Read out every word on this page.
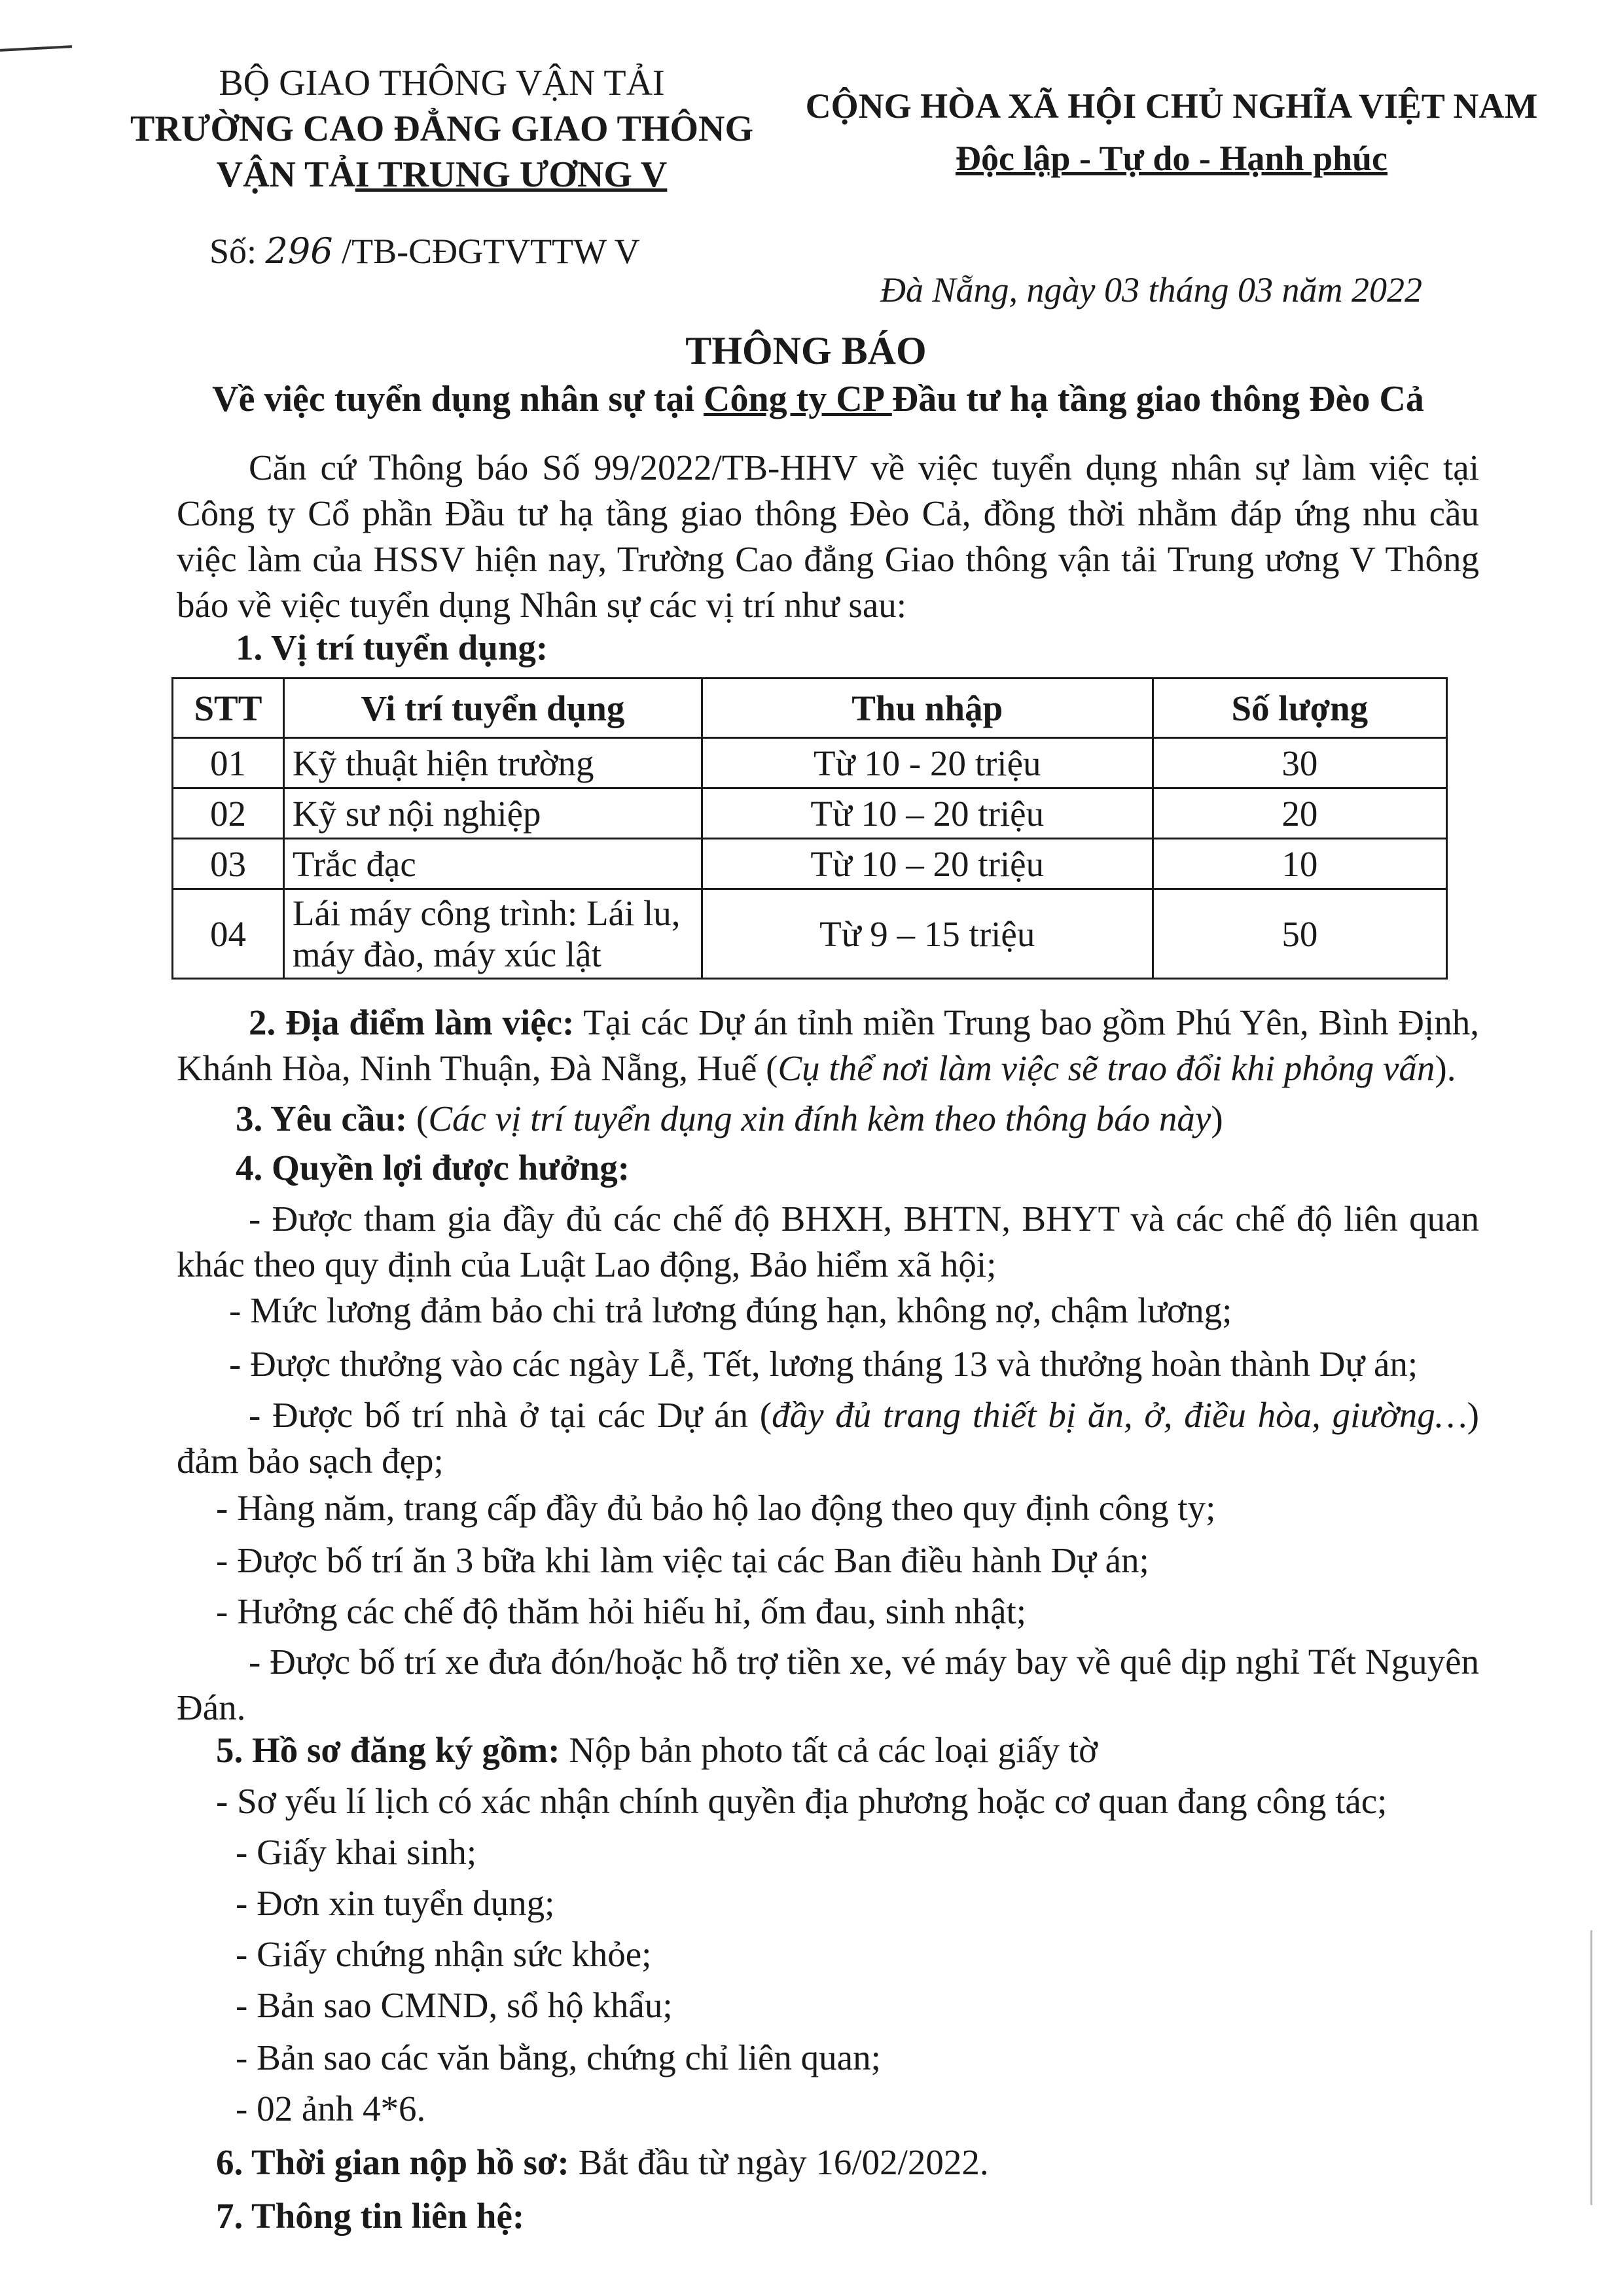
BỘ GIAO THÔNG VẬN TẢI
TRƯỜNG CAO ĐẲNG GIAO THÔNG
VẬN TẢI TRUNG ƯƠNG V
CỘNG HÒA XÃ HỘI CHỦ NGHĨA VIỆT NAM
Độc lập - Tự do - Hạnh phúc
Số: 296 /TB-CĐGTVTTW V
Đà Nẵng, ngày 03 tháng 03 năm 2022
THÔNG BÁO
Về việc tuyển dụng nhân sự tại Công ty CP Đầu tư hạ tầng giao thông Đèo Cả
Căn cứ Thông báo Số 99/2022/TB-HHV về việc tuyển dụng nhân sự làm việc tại Công ty Cổ phần Đầu tư hạ tầng giao thông Đèo Cả, đồng thời nhằm đáp ứng nhu cầu việc làm của HSSV hiện nay, Trường Cao đẳng Giao thông vận tải Trung ương V Thông báo về việc tuyển dụng Nhân sự các vị trí như sau:
1. Vị trí tuyển dụng:
STT	Vi trí tuyển dụng	Thu nhập	Số lượng
01	Kỹ thuật hiện trường	Từ 10 - 20 triệu	30
02	Kỹ sư nội nghiệp	Từ 10 – 20 triệu	20
03	Trắc đạc	Từ 10 – 20 triệu	10
04	Lái máy công trình: Lái lu, máy đào, máy xúc lật	Từ 9 – 15 triệu	50
2. Địa điểm làm việc: Tại các Dự án tỉnh miền Trung bao gồm Phú Yên, Bình Định, Khánh Hòa, Ninh Thuận, Đà Nẵng, Huế (Cụ thể nơi làm việc sẽ trao đổi khi phỏng vấn).
3. Yêu cầu: (Các vị trí tuyển dụng xin đính kèm theo thông báo này)
4. Quyền lợi được hưởng:
- Được tham gia đầy đủ các chế độ BHXH, BHTN, BHYT và các chế độ liên quan khác theo quy định của Luật Lao động, Bảo hiểm xã hội;
- Mức lương đảm bảo chi trả lương đúng hạn, không nợ, chậm lương;
- Được thưởng vào các ngày Lễ, Tết, lương tháng 13 và thưởng hoàn thành Dự án;
- Được bố trí nhà ở tại các Dự án (đầy đủ trang thiết bị ăn, ở, điều hòa, giường…) đảm bảo sạch đẹp;
- Hàng năm, trang cấp đầy đủ bảo hộ lao động theo quy định công ty;
- Được bố trí ăn 3 bữa khi làm việc tại các Ban điều hành Dự án;
- Hưởng các chế độ thăm hỏi hiếu hỉ, ốm đau, sinh nhật;
- Được bố trí xe đưa đón/hoặc hỗ trợ tiền xe, vé máy bay về quê dịp nghỉ Tết Nguyên Đán.
5. Hồ sơ đăng ký gồm: Nộp bản photo tất cả các loại giấy tờ
- Sơ yếu lí lịch có xác nhận chính quyền địa phương hoặc cơ quan đang công tác;
- Giấy khai sinh;
- Đơn xin tuyển dụng;
- Giấy chứng nhận sức khỏe;
- Bản sao CMND, sổ hộ khẩu;
- Bản sao các văn bằng, chứng chỉ liên quan;
- 02 ảnh 4*6.
6. Thời gian nộp hồ sơ: Bắt đầu từ ngày 16/02/2022.
7. Thông tin liên hệ:
